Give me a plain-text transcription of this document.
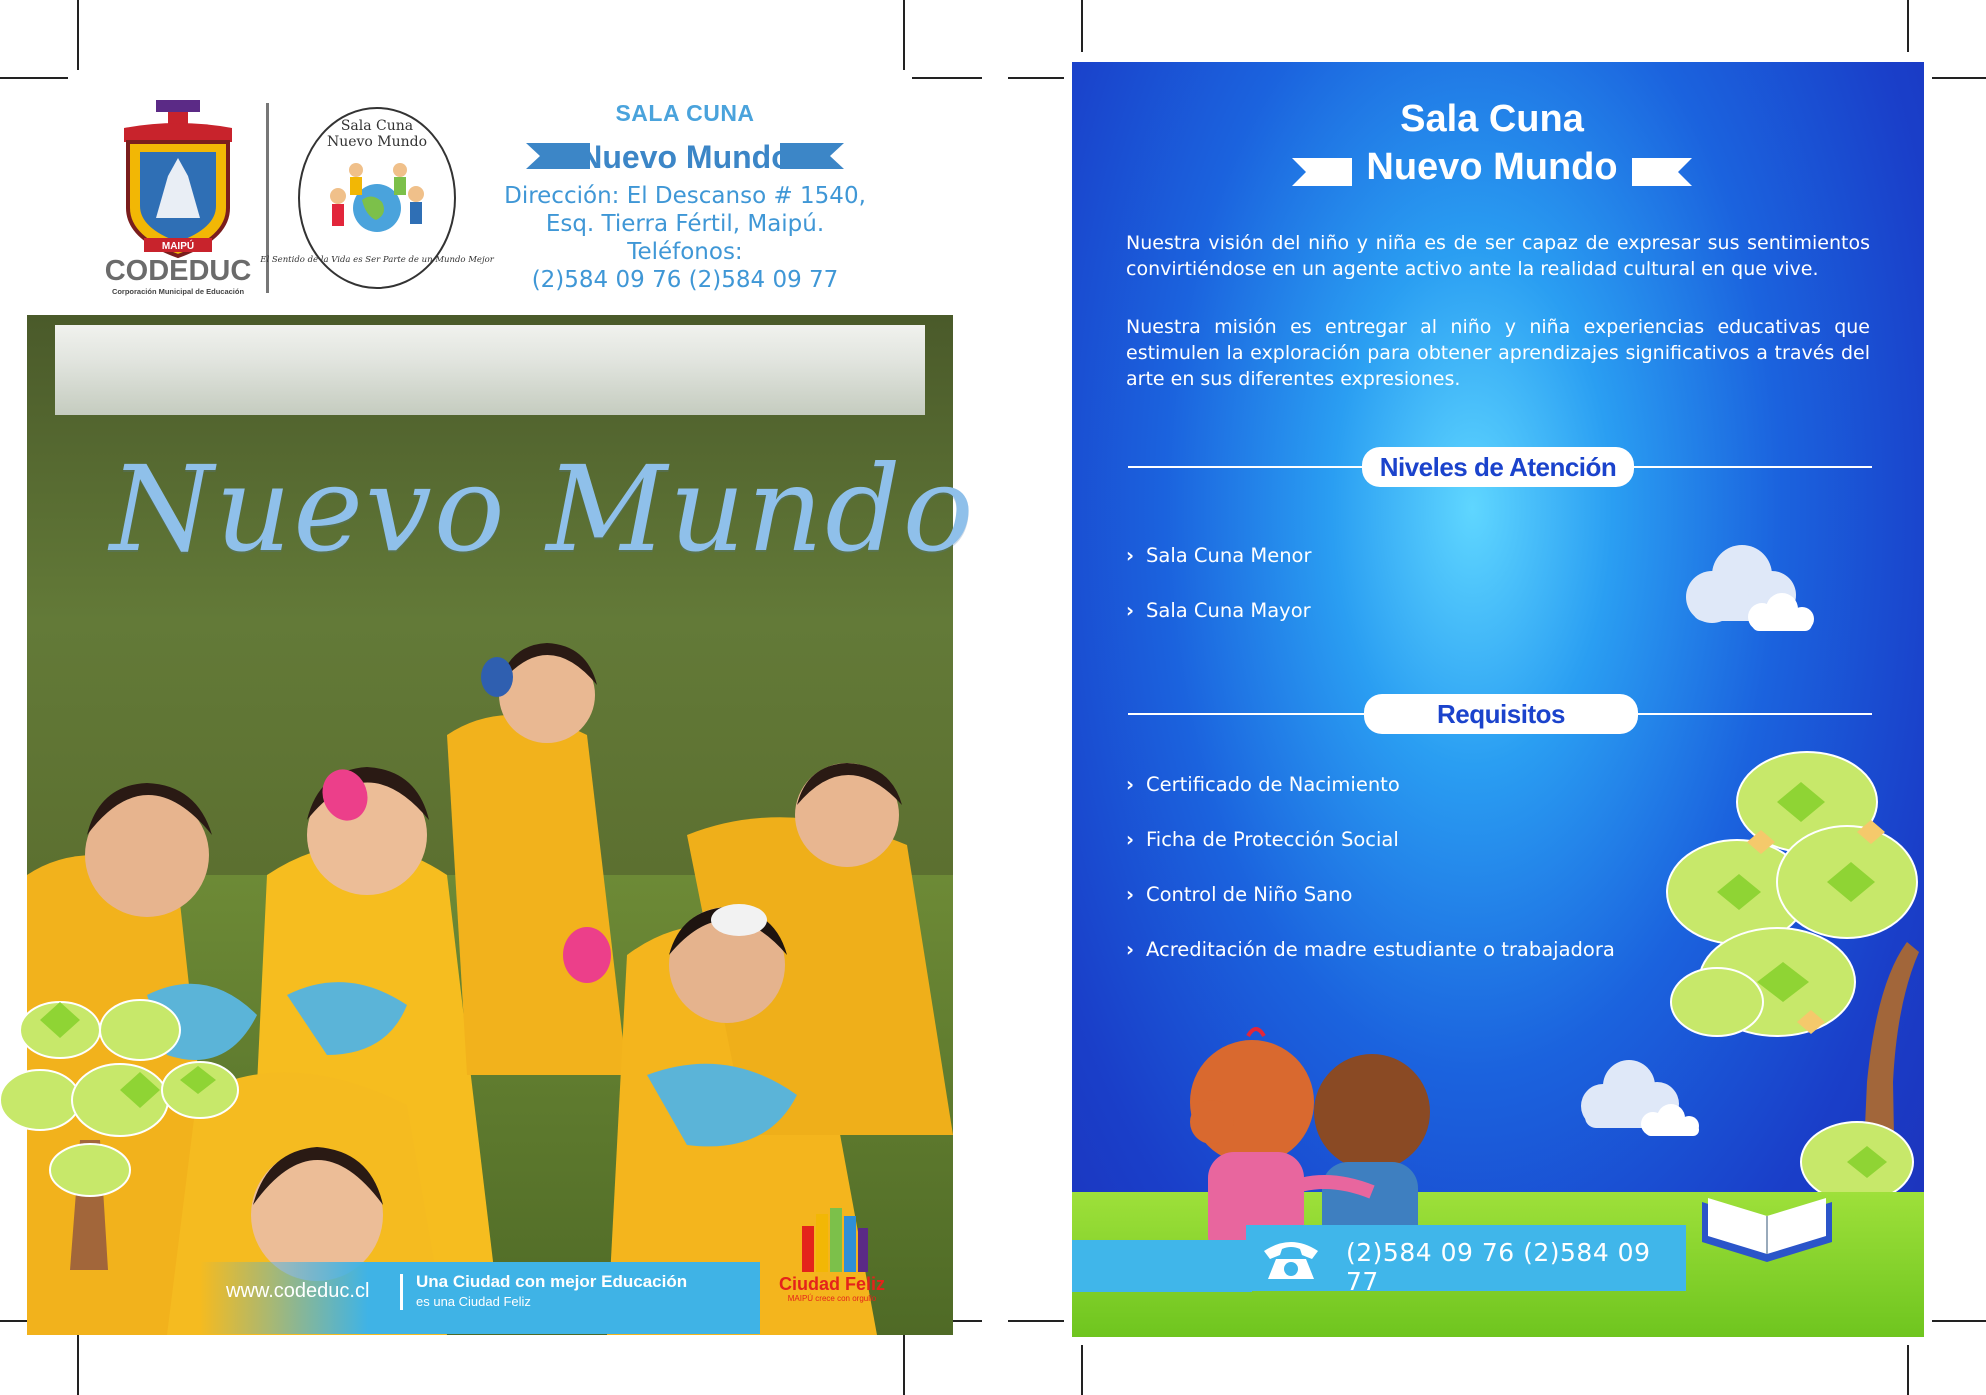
MAIPÚ
CODEDUC
Corporación Municipal de Educación
Sala Cuna
Nuevo Mundo
El Sentido de la Vida es Ser Parte de un Mundo Mejor
SALA CUNA
Nuevo Mundo
Dirección: El Descanso # 1540,
Esq. Tierra Fértil, Maipú.
Teléfonos:
(2)584 09 76 (2)584 09 77
Nuevo Mundo
www.codeduc.cl	Una Ciudad con mejor Educación
es una Ciudad Feliz
Ciudad Feliz
MAIPÚ crece con orgullo
Sala Cuna
Nuevo Mundo
Nuestra visión del niño y niña es de ser capaz de expresar sus sentimientos convirtiéndose en un agente activo ante la realidad cultural en que vive.
Nuestra misión es entregar al niño y niña experiencias educativas que estimulen la exploración para obtener aprendizajes significativos a través del arte en sus diferentes expresiones.
Niveles de Atención
› Sala Cuna Menor
› Sala Cuna Mayor
Requisitos
› Certificado de Nacimiento
› Ficha de Protección Social
› Control de Niño Sano
› Acreditación de madre estudiante o trabajadora
(2)584 09 76 (2)584 09 77
